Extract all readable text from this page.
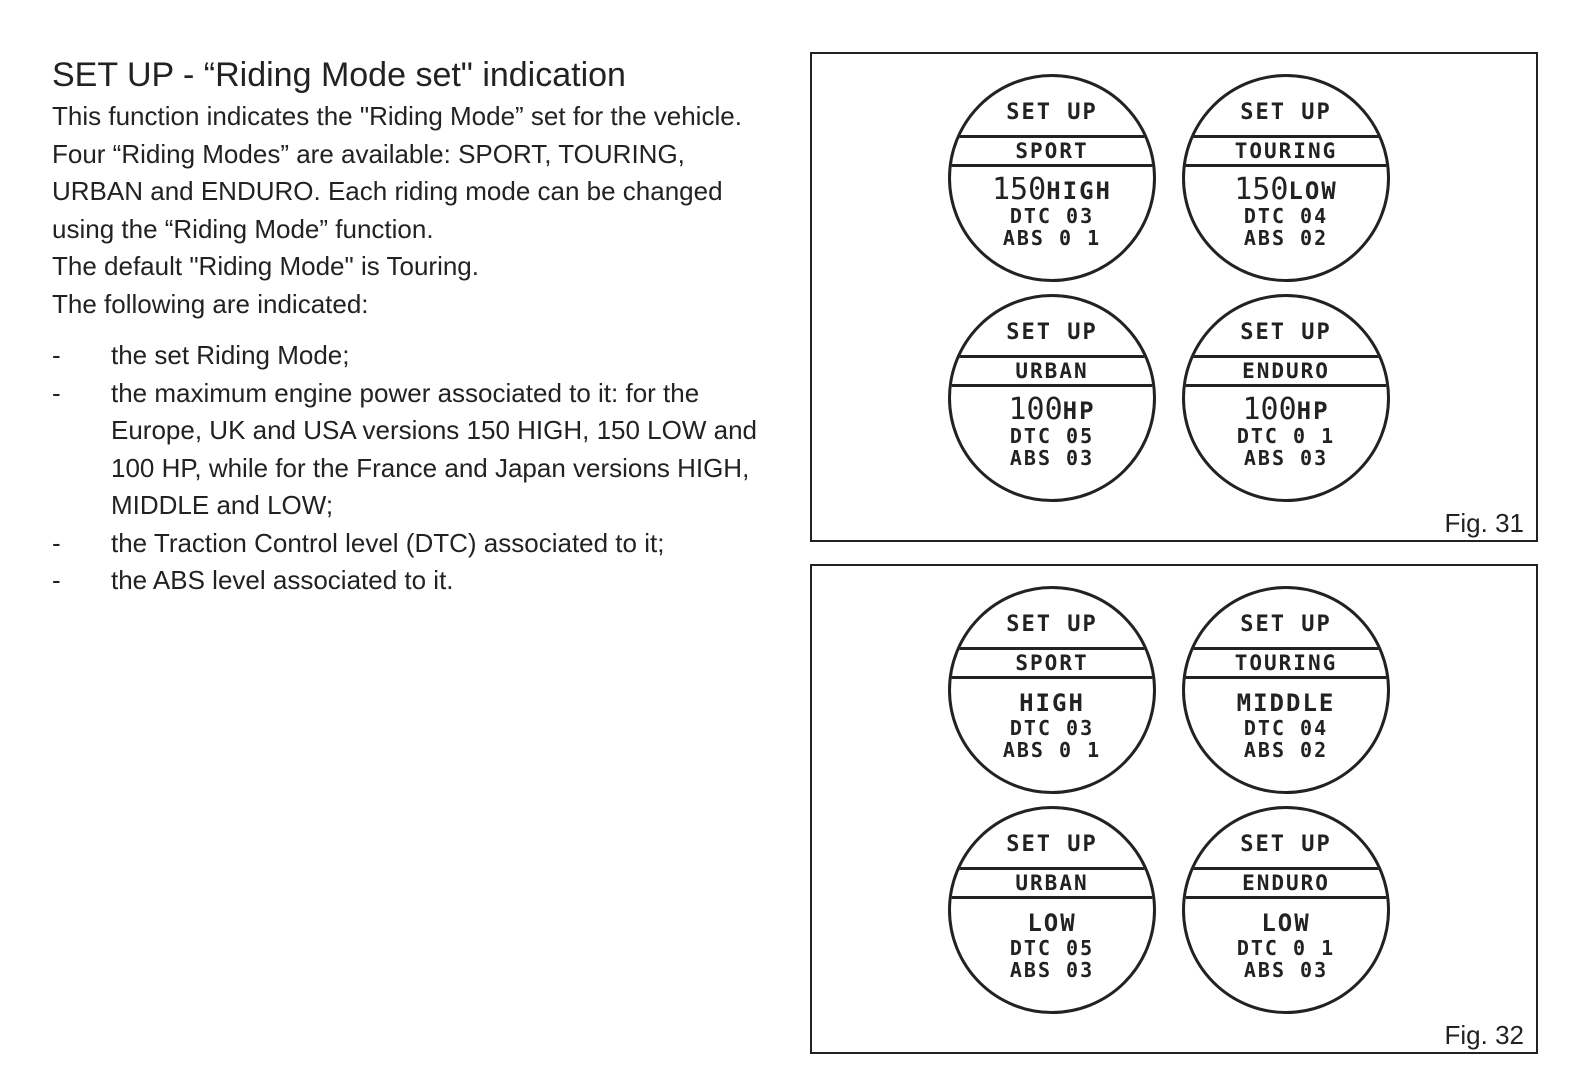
SET UP - “Riding Mode set" indication

This function indicates the "Riding Mode” set for the vehicle. Four “Riding Modes” are available: SPORT, TOURING, URBAN and ENDURO. Each riding mode can be changed using the “Riding Mode” function.

The default "Riding Mode" is Touring.

The following are indicated:

- the set Riding Mode;
- the maximum engine power associated to it: for the Europe, UK and USA versions 150 HIGH, 150 LOW and 100 HP, while for the France and Japan versions HIGH, MIDDLE and LOW;
- the Traction Control level (DTC) associated to it;
- the ABS level associated to it.
SET UP
SPORT
150HIGH
DTC 03
ABS 0 1
SET UP
TOURING
150LOW
DTC 04
ABS 02
SET UP
URBAN
100HP
DTC 05
ABS 03
SET UP
ENDURO
100HP
DTC 0 1
ABS 03
Fig. 31
SET UP
SPORT
HIGH
DTC 03
ABS 0 1
SET UP
TOURING
MIDDLE
DTC 04
ABS 02
SET UP
URBAN
LOW
DTC 05
ABS 03
SET UP
ENDURO
LOW
DTC 0 1
ABS 03
Fig. 32
